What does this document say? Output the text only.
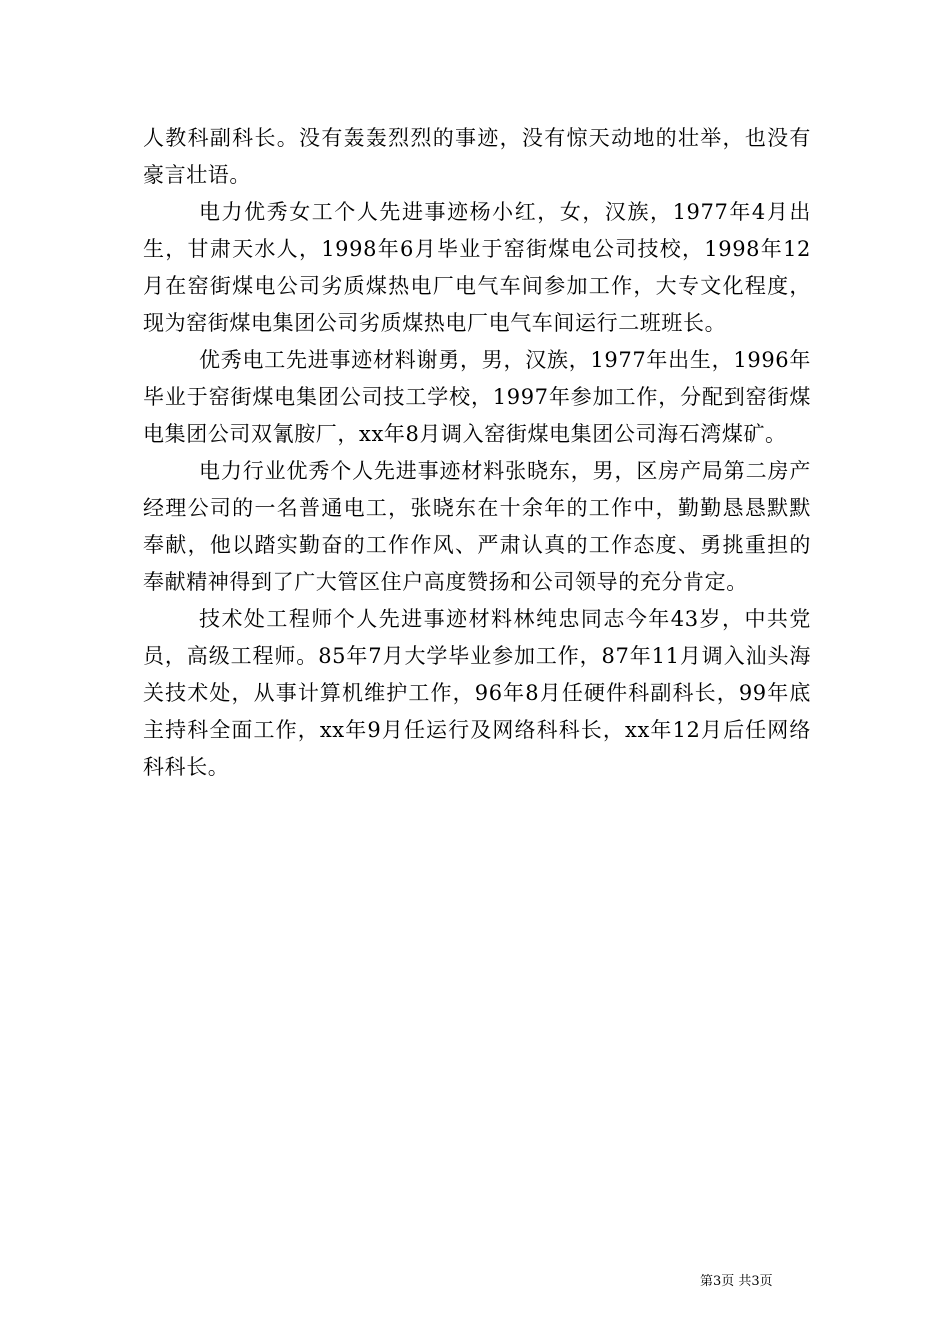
人教科副科长。没有轰轰烈烈的事迹，没有惊天动地的壮举，也没有豪言壮语。

电力优秀女工个人先进事迹杨小红，女，汉族，1977年4月出生，甘肃天水人，1998年6月毕业于窑街煤电公司技校，1998年12月在窑街煤电公司劣质煤热电厂电气车间参加工作，大专文化程度，现为窑街煤电集团公司劣质煤热电厂电气车间运行二班班长。

优秀电工先进事迹材料谢勇，男，汉族，1977年出生，1996年毕业于窑街煤电集团公司技工学校，1997年参加工作，分配到窑街煤电集团公司双氰胺厂，xx年8月调入窑街煤电集团公司海石湾煤矿。

电力行业优秀个人先进事迹材料张晓东，男，区房产局第二房产经理公司的一名普通电工，张晓东在十余年的工作中，勤勤恳恳默默奉献，他以踏实勤奋的工作作风、严肃认真的工作态度、勇挑重担的奉献精神得到了广大管区住户高度赞扬和公司领导的充分肯定。

技术处工程师个人先进事迹材料林纯忠同志今年43岁，中共党员，高级工程师。85年7月大学毕业参加工作，87年11月调入汕头海关技术处，从事计算机维护工作，96年8月任硬件科副科长，99年底主持科全面工作，xx年9月任运行及网络科科长，xx年12月后任网络科科长。

第3页 共3页
